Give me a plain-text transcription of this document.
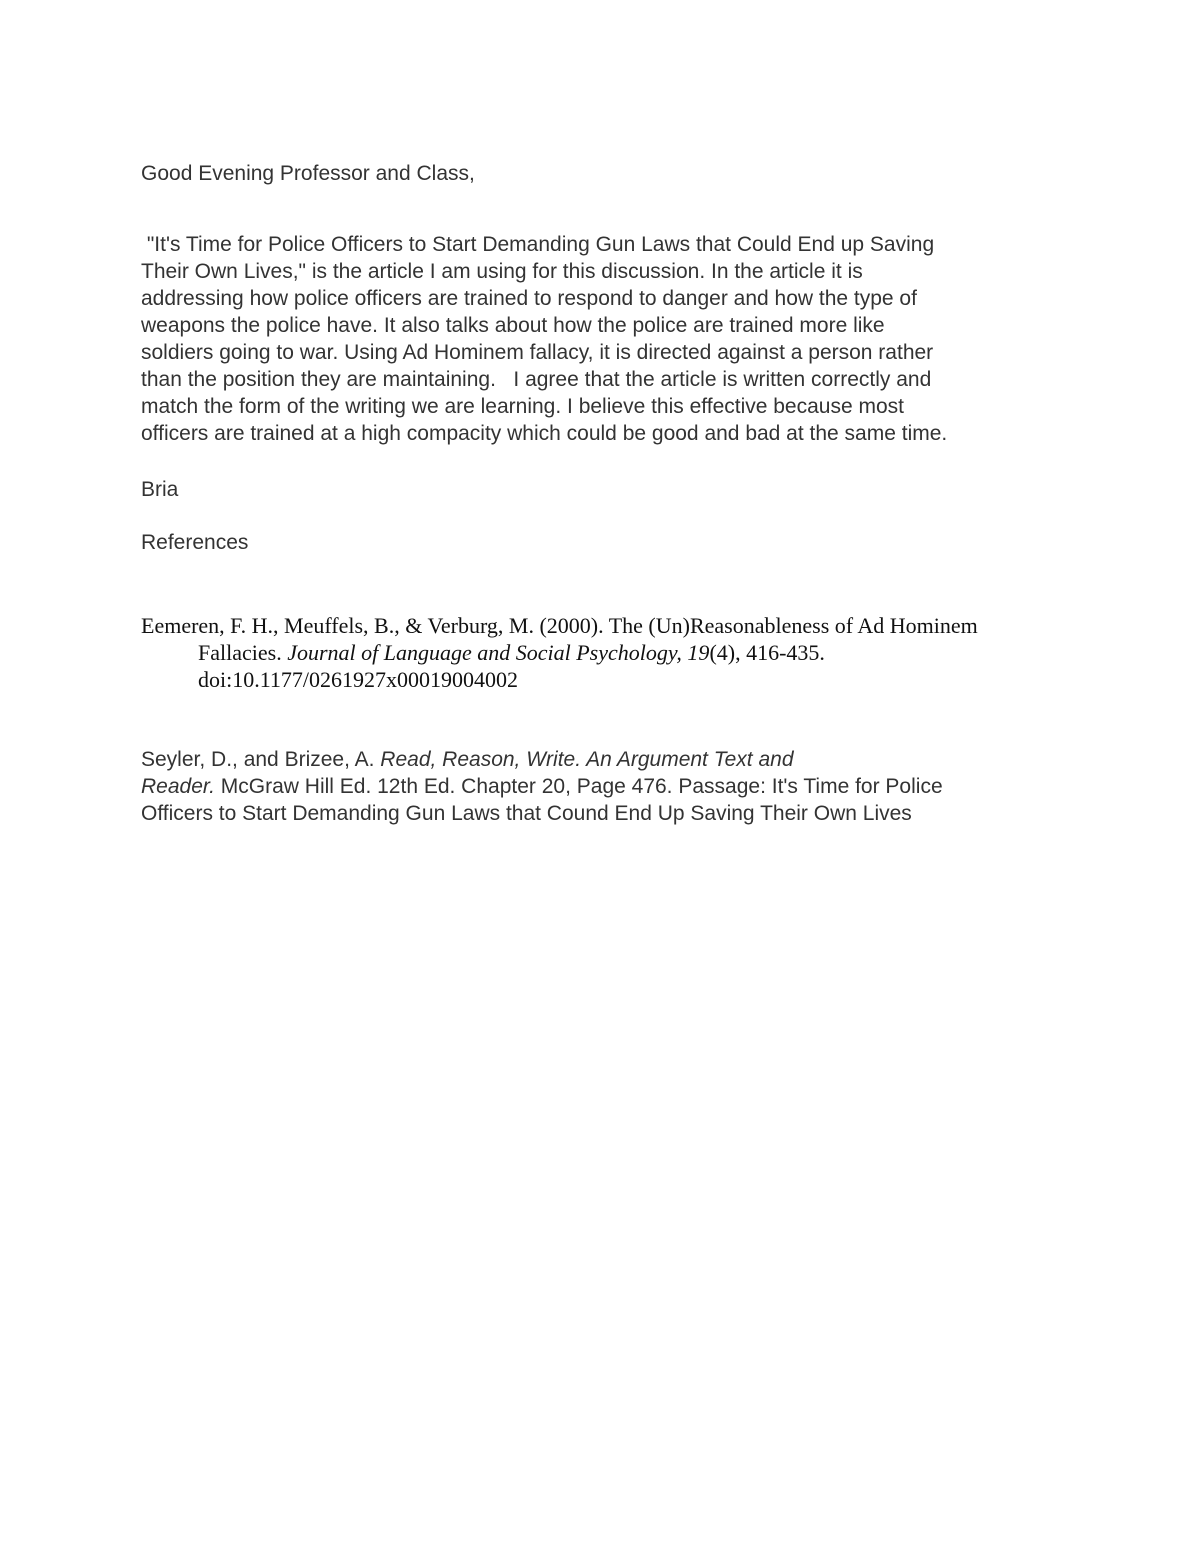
Good Evening Professor and Class,

"It's Time for Police Officers to Start Demanding Gun Laws that Could End up Saving
Their Own Lives," is the article I am using for this discussion. In the article it is
addressing how police officers are trained to respond to danger and how the type of
weapons the police have. It also talks about how the police are trained more like
soldiers going to war. Using Ad Hominem fallacy, it is directed against a person rather
than the position they are maintaining.   I agree that the article is written correctly and
match the form of the writing we are learning. I believe this effective because most
officers are trained at a high compacity which could be good and bad at the same time.

Bria

References

Eemeren, F. H., Meuffels, B., & Verburg, M. (2000). The (Un)Reasonableness of Ad Hominem
Fallacies. Journal of Language and Social Psychology, 19(4), 416-435.
doi:10.1177/0261927x00019004002
Seyler, D., and Brizee, A. Read, Reason, Write. An Argument Text and
Reader. McGraw Hill Ed. 12th Ed. Chapter 20, Page 476. Passage: It's Time for Police
Officers to Start Demanding Gun Laws that Cound End Up Saving Their Own Lives
